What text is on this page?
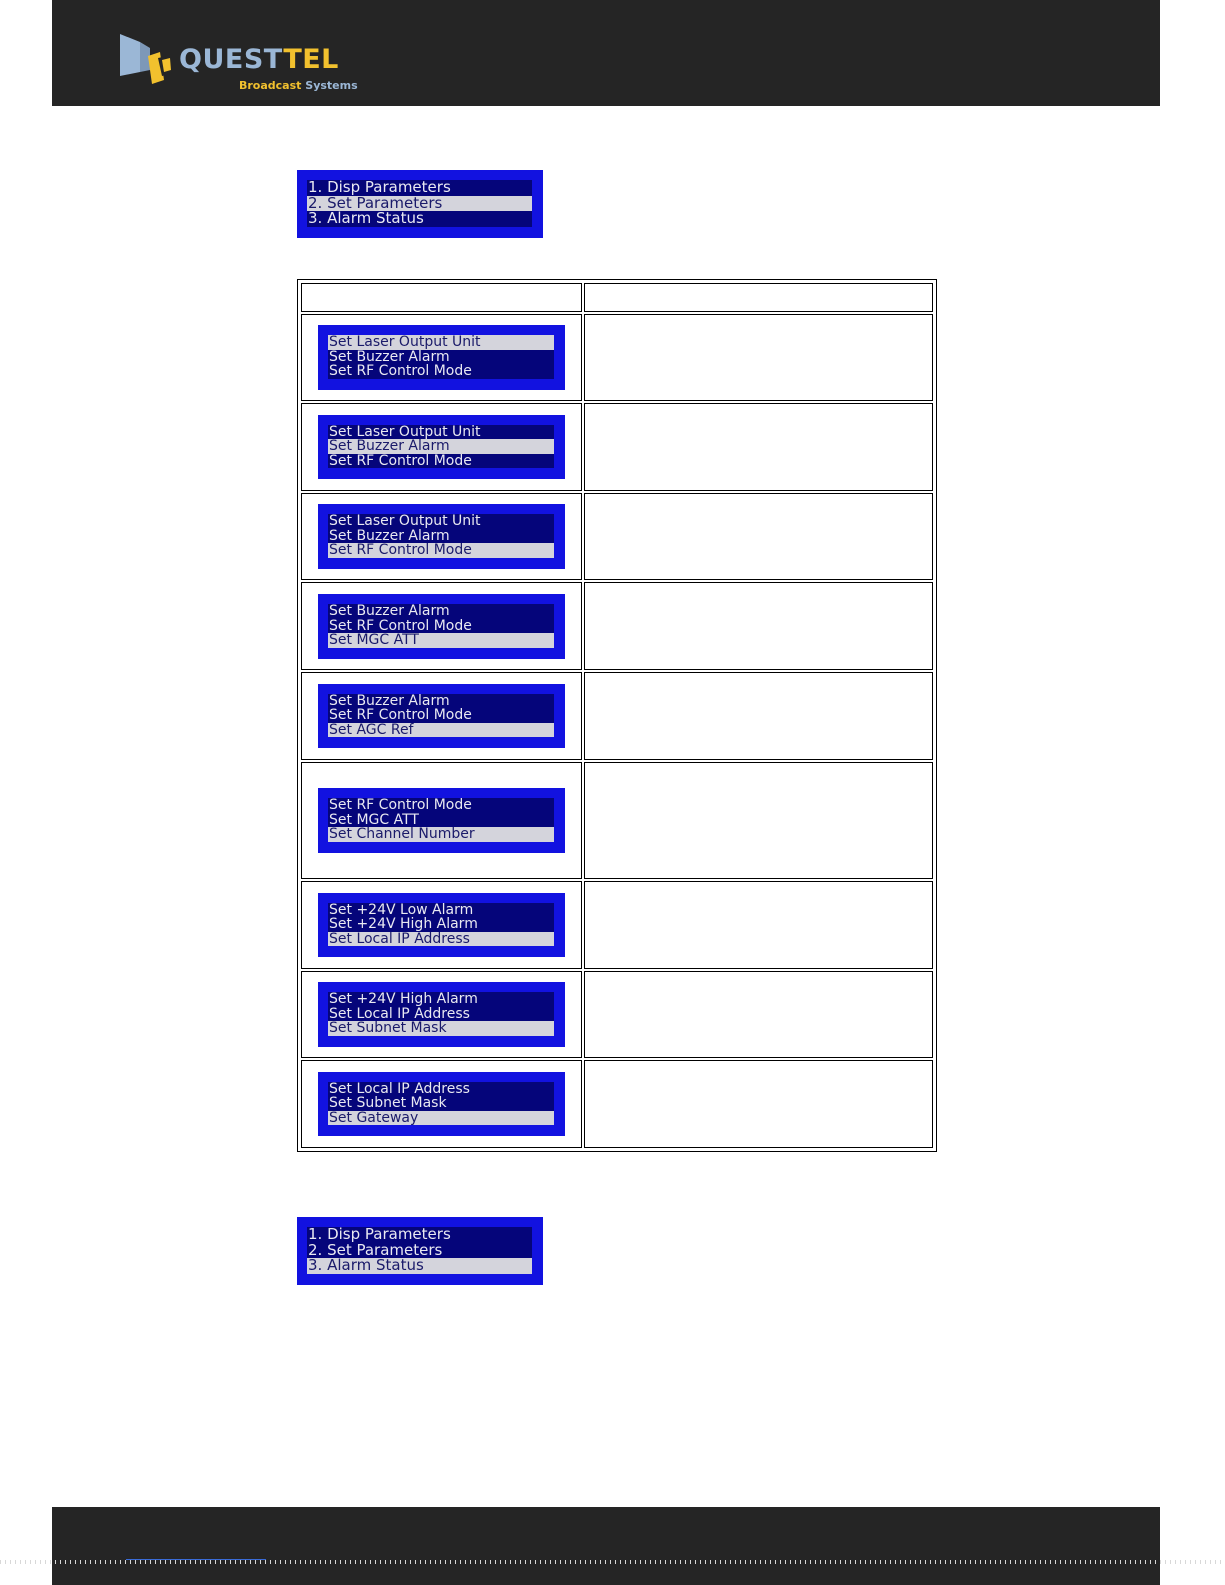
QUESTTEL
Broadcast Systems
1. Disp Parameters
2. Set Parameters
3. Alarm Status

Set Laser Output Unit
Set Buzzer Alarm
Set RF Control Mode	

Set Laser Output Unit
Set Buzzer Alarm
Set RF Control Mode	

Set Laser Output Unit
Set Buzzer Alarm
Set RF Control Mode	

Set Buzzer Alarm
Set RF Control Mode
Set MGC ATT	

Set Buzzer Alarm
Set RF Control Mode
Set AGC Ref	

Set RF Control Mode
Set MGC ATT
Set Channel Number	

Set +24V Low Alarm
Set +24V High Alarm
Set Local IP Address	

Set +24V High Alarm
Set Local IP Address
Set Subnet Mask	

Set Local IP Address
Set Subnet Mask
Set Gateway	

1. Disp Parameters
2. Set Parameters
3. Alarm Status
